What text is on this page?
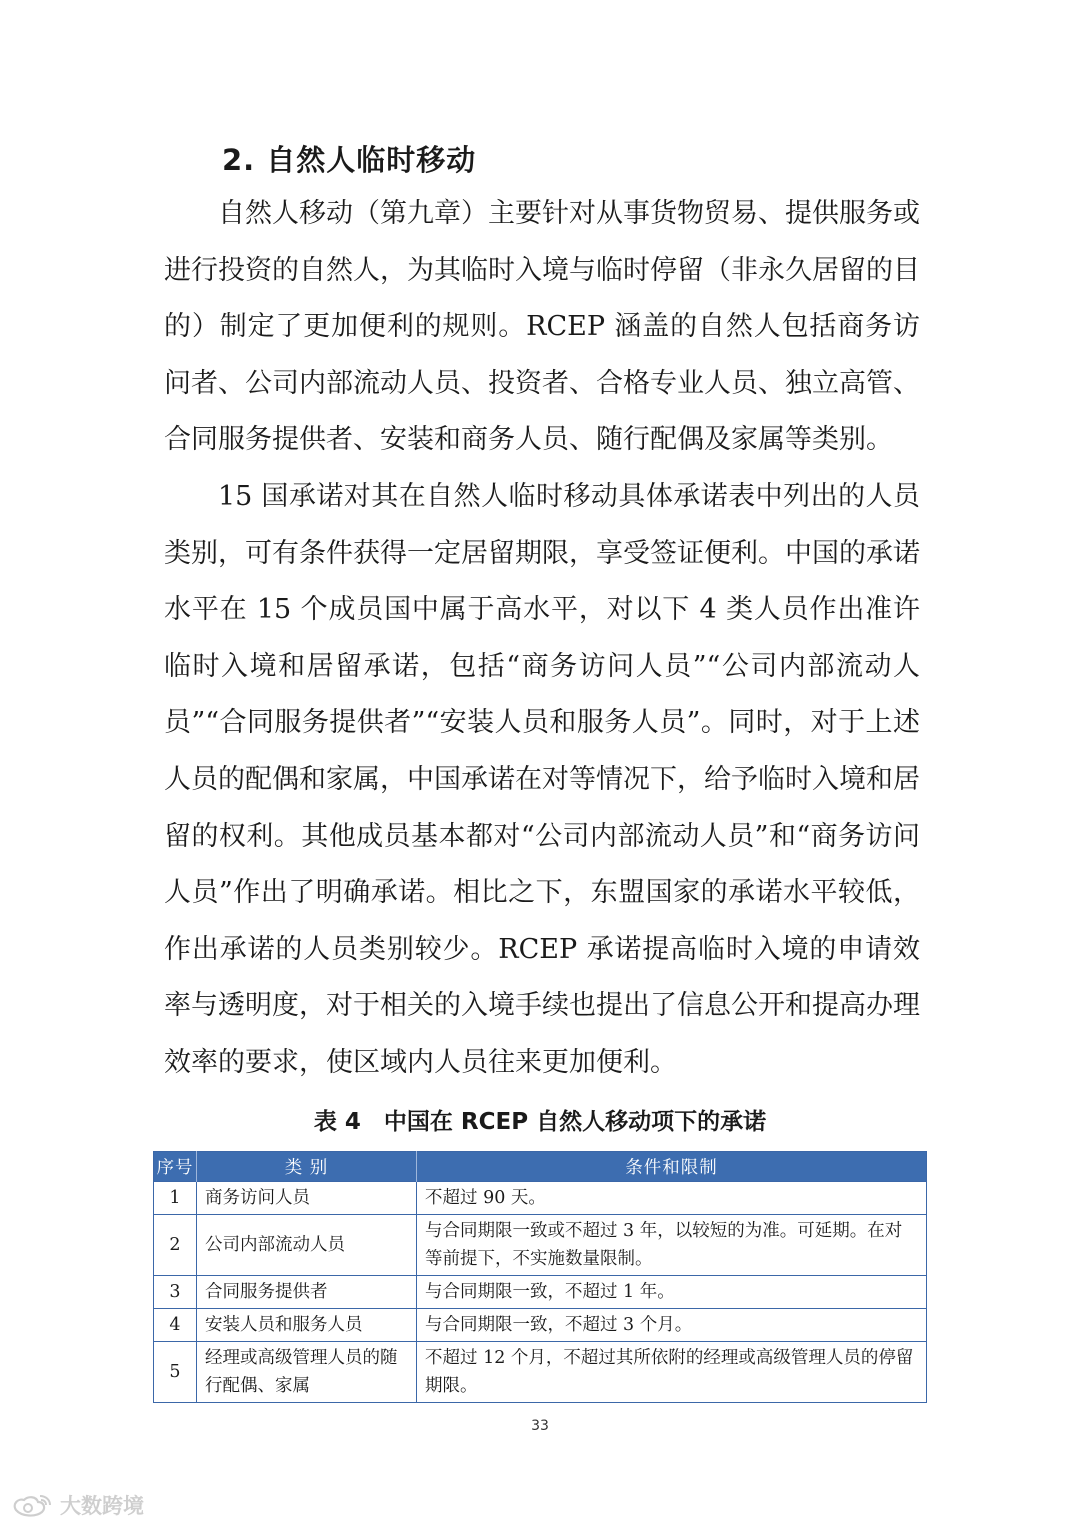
2. 自然人临时移动

自然人移动（第九章）主要针对从事货物贸易、提供服务或进行投资的自然人，为其临时入境与临时停留（非永久居留的目的）制定了更加便利的规则。RCEP 涵盖的自然人包括商务访问者、公司内部流动人员、投资者、合格专业人员、独立高管、合同服务提供者、安装和商务人员、随行配偶及家属等类别。

15 国承诺对其在自然人临时移动具体承诺表中列出的人员类别，可有条件获得一定居留期限，享受签证便利。中国的承诺水平在 15 个成员国中属于高水平，对以下 4 类人员作出准许临时入境和居留承诺，包括“商务访问人员”“公司内部流动人员”“合同服务提供者”“安装人员和服务人员”。同时，对于上述人员的配偶和家属，中国承诺在对等情况下，给予临时入境和居留的权利。其他成员基本都对“公司内部流动人员”和“商务访问人员”作出了明确承诺。相比之下，东盟国家的承诺水平较低，作出承诺的人员类别较少。RCEP 承诺提高临时入境的申请效率与透明度，对于相关的入境手续也提出了信息公开和提高办理效率的要求，使区域内人员往来更加便利。

表 4　中国在 RCEP 自然人移动项下的承诺
序号	类 别	条件和限制
1	商务访问人员	不超过 90 天。
2	公司内部流动人员	与合同期限一致或不超过 3 年，以较短的为准。可延期。在对等前提下，不实施数量限制。
3	合同服务提供者	与合同期限一致，不超过 1 年。
4	安装人员和服务人员	与合同期限一致，不超过 3 个月。
5	经理或高级管理人员的随行配偶、家属	不超过 12 个月，不超过其所依附的经理或高级管理人员的停留期限。
33
大数跨境
